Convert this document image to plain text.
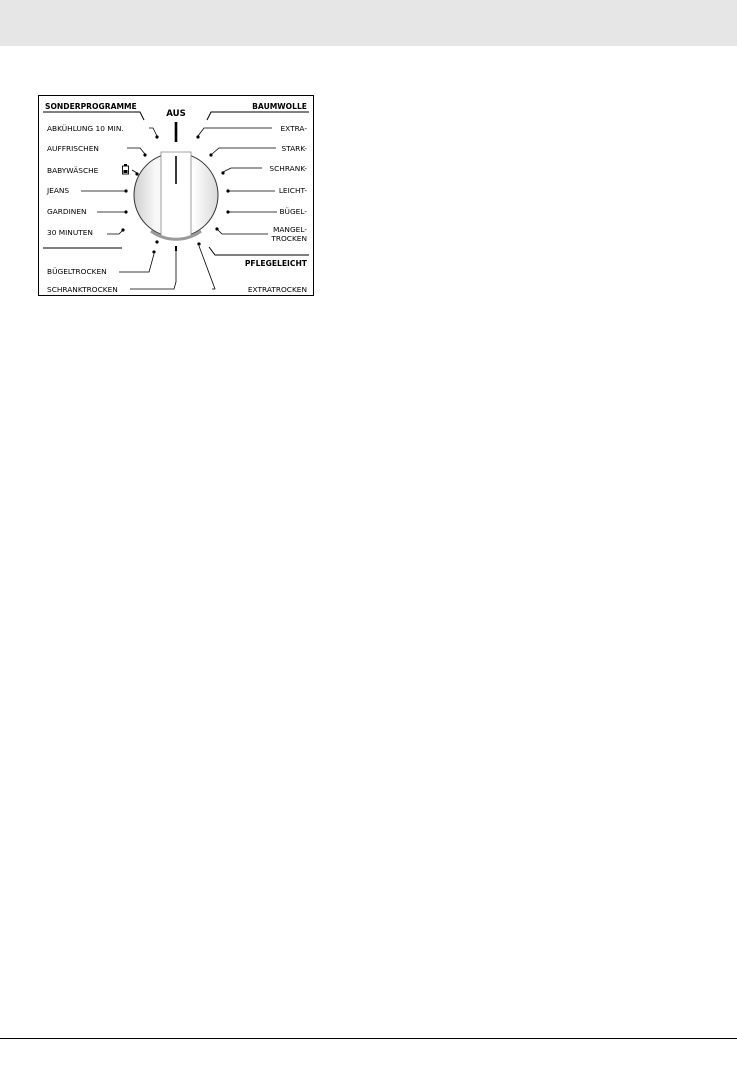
SONDERPROGRAMME	BAUMWOLLE
PFLEGELEICHT
AUS
ABKÜHLUNG 10 MIN.
AUFFRISCHEN
BABYWÄSCHE
JEANS
GARDINEN
30 MINUTEN
BÜGELTROCKEN
SCHRANKTROCKEN	EXTRATROCKEN
EXTRA-
STARK-
SCHRANK-
LEICHT-
BÜGEL-
MANGEL-
TROCKEN
